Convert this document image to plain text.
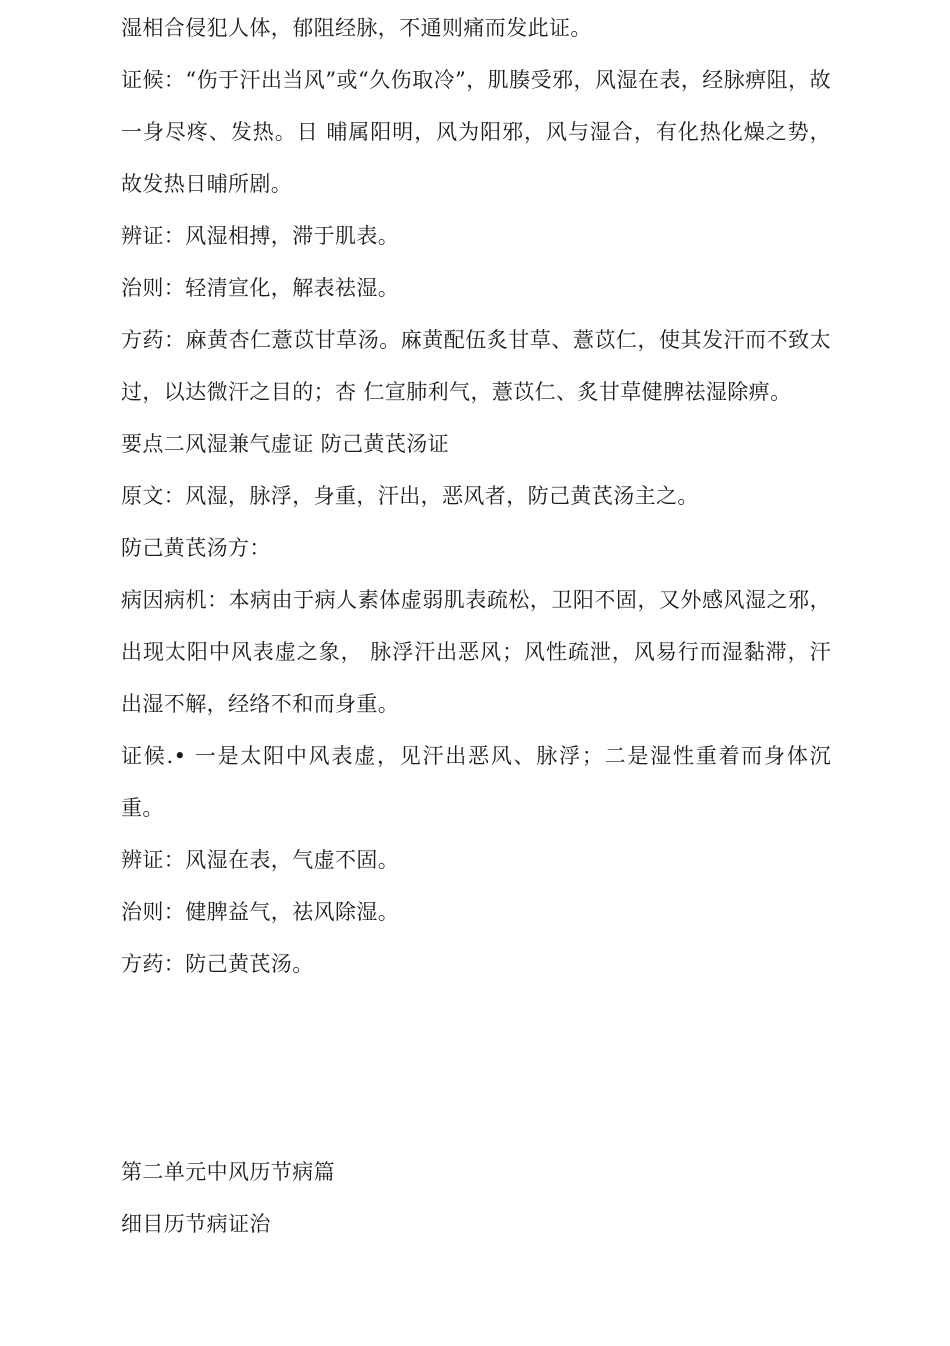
湿相合侵犯人体，郁阻经脉，不通则痛而发此证。

证候：“伤于汗出当风”或“久伤取冷”，肌腠受邪，风湿在表，经脉痹阻，故一身尽疼、发热。日 晡属阳明，风为阳邪，风与湿合，有化热化燥之势，故发热日晡所剧。

辨证：风湿相搏，滞于肌表。

治则：轻清宣化，解表祛湿。

方药：麻黄杏仁薏苡甘草汤。麻黄配伍炙甘草、薏苡仁，使其发汗而不致太过，以达微汗之目的；杏 仁宣肺利气，薏苡仁、炙甘草健脾祛湿除痹。

要点二风湿兼气虚证 防己黄芪汤证

原文：风湿，脉浮，身重，汗出，恶风者，防己黄芪汤主之。

防己黄芪汤方：

病因病机：本病由于病人素体虚弱肌表疏松，卫阳不固，又外感风湿之邪，出现太阳中风表虚之象， 脉浮汗出恶风；风性疏泄，风易行而湿黏滞，汗出湿不解，经络不和而身重。

证候.• 一是太阳中风表虚，见汗出恶风、脉浮；二是湿性重着而身体沉重。

辨证：风湿在表，气虚不固。

治则：健脾益气，祛风除湿。

方药：防己黄芪汤。

第二单元中风历节病篇

细目历节病证治
